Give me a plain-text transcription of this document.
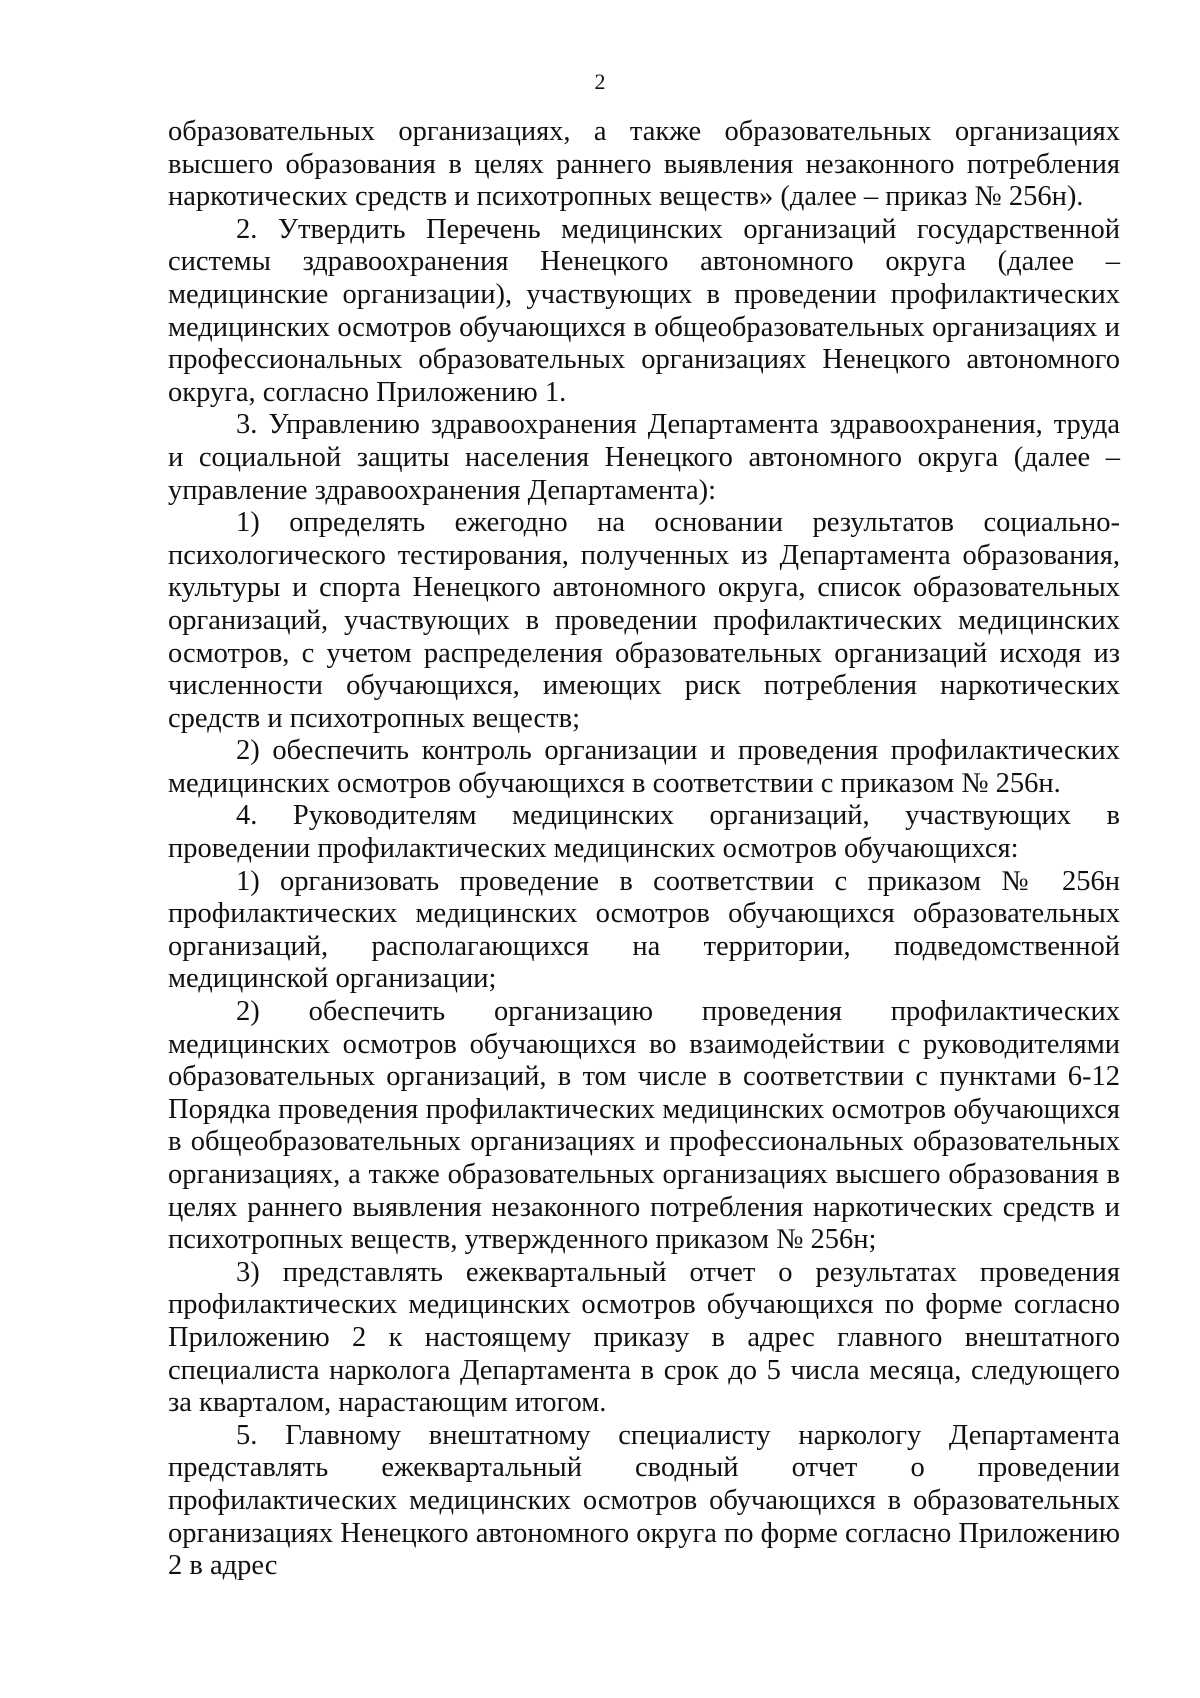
2

образовательных организациях, а также образовательных организациях высшего образования в целях раннего выявления незаконного потребления наркотических средств и психотропных веществ» (далее – приказ № 256н).

2. Утвердить Перечень медицинских организаций государственной системы здравоохранения Ненецкого автономного округа (далее – медицинские организации), участвующих в проведении профилактических медицинских осмотров обучающихся в общеобразовательных организациях и профессиональных образовательных организациях Ненецкого автономного округа, согласно Приложению 1.

3. Управлению здравоохранения Департамента здравоохранения, труда и социальной защиты населения Ненецкого автономного округа (далее – управление здравоохранения Департамента):

1) определять ежегодно на основании результатов социально-психологического тестирования, полученных из Департамента образования, культуры и спорта Ненецкого автономного округа, список образовательных организаций, участвующих в проведении профилактических медицинских осмотров, с учетом распределения образовательных организаций исходя из численности обучающихся, имеющих риск потребления наркотических средств и психотропных веществ;

2) обеспечить контроль организации и проведения профилактических медицинских осмотров обучающихся в соответствии с приказом № 256н.

4. Руководителям медицинских организаций, участвующих в проведении профилактических медицинских осмотров обучающихся:

1) организовать проведение в соответствии с приказом № 256н профилактических медицинских осмотров обучающихся образовательных организаций, располагающихся на территории, подведомственной медицинской организации;

2) обеспечить организацию проведения профилактических медицинских осмотров обучающихся во взаимодействии с руководителями образовательных организаций, в том числе в соответствии с пунктами 6-12 Порядка проведения профилактических медицинских осмотров обучающихся в общеобразовательных организациях и профессиональных образовательных организациях, а также образовательных организациях высшего образования в целях раннего выявления незаконного потребления наркотических средств и психотропных веществ, утвержденного приказом № 256н;

3) представлять ежеквартальный отчет о результатах проведения профилактических медицинских осмотров обучающихся по форме согласно Приложению 2 к настоящему приказу в адрес главного внештатного специалиста нарколога Департамента в срок до 5 числа месяца, следующего за кварталом, нарастающим итогом.

5. Главному внештатному специалисту наркологу Департамента представлять ежеквартальный сводный отчет о проведении профилактических медицинских осмотров обучающихся в образовательных организациях Ненецкого автономного округа по форме согласно Приложению 2 в адрес
